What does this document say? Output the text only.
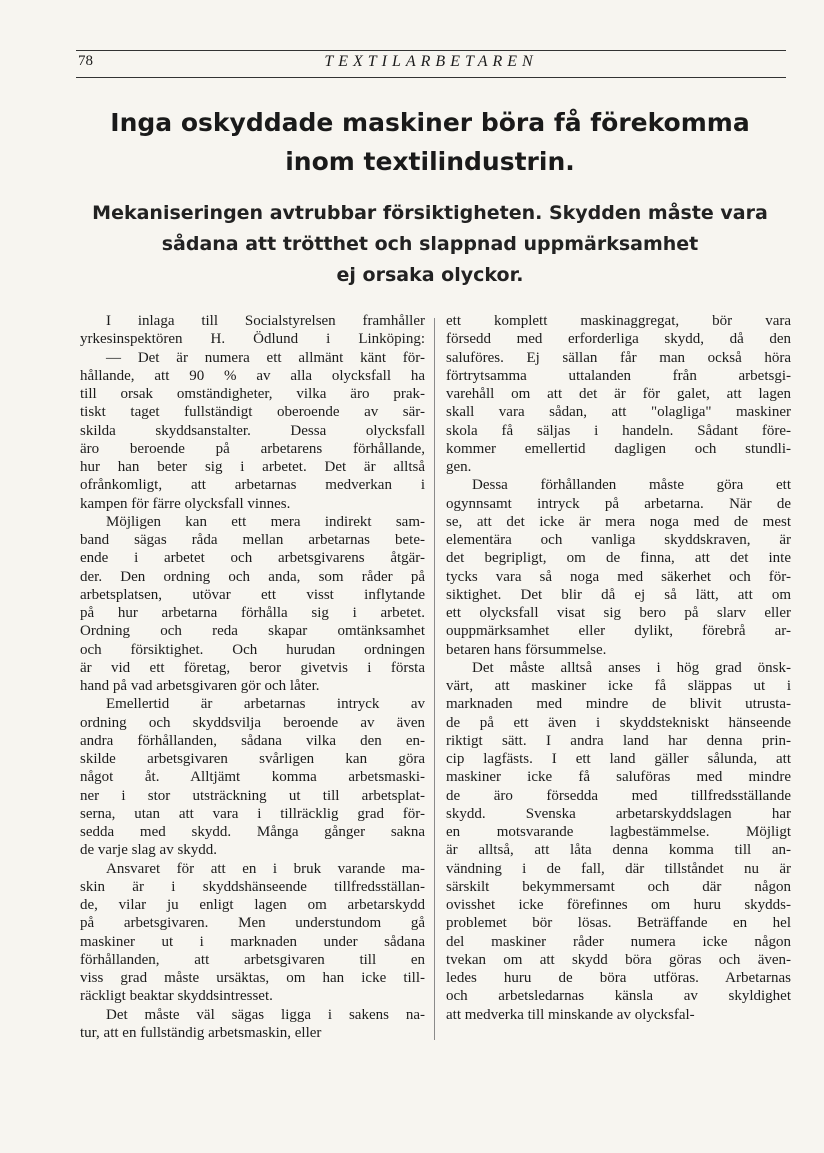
78	TEXTILARBETAREN
Inga oskyddade maskiner böra få förekomma
inom textilindustrin.
Mekaniseringen avtrubbar försiktigheten. Skydden måste vara
sådana att trötthet och slappnad uppmärksamhet
ej orsaka olyckor.
I inlaga till Socialstyrelsen framhåller
yrkesinspektören H. Ödlund i Linköping:
— Det är numera ett allmänt känt för-
hållande, att 90 % av alla olycksfall ha
till orsak omständigheter, vilka äro prak-
tiskt taget fullständigt oberoende av sär-
skilda skyddsanstalter. Dessa olycksfall
äro beroende på arbetarens förhållande,
hur han beter sig i arbetet. Det är alltså
ofrånkomligt, att arbetarnas medverkan i
kampen för färre olycksfall vinnes.
Möjligen kan ett mera indirekt sam-
band sägas råda mellan arbetarnas bete-
ende i arbetet och arbetsgivarens åtgär-
der. Den ordning och anda, som råder på
arbetsplatsen, utövar ett visst inflytande
på hur arbetarna förhålla sig i arbetet.
Ordning och reda skapar omtänksamhet
och försiktighet. Och hurudan ordningen
är vid ett företag, beror givetvis i första
hand på vad arbetsgivaren gör och låter.
Emellertid är arbetarnas intryck av
ordning och skyddsvilja beroende av även
andra förhållanden, sådana vilka den en-
skilde arbetsgivaren svårligen kan göra
något åt. Alltjämt komma arbetsmaski-
ner i stor utsträckning ut till arbetsplat-
serna, utan att vara i tillräcklig grad för-
sedda med skydd. Många gånger sakna
de varje slag av skydd.
Ansvaret för att en i bruk varande ma-
skin är i skyddshänseende tillfredsställan-
de, vilar ju enligt lagen om arbetarskydd
på arbetsgivaren. Men understundom gå
maskiner ut i marknaden under sådana
förhållanden, att arbetsgivaren till en
viss grad måste ursäktas, om han icke till-
räckligt beaktar skyddsintresset.
Det måste väl sägas ligga i sakens na-
tur, att en fullständig arbetsmaskin, eller
ett komplett maskinaggregat, bör vara
försedd med erforderliga skydd, då den
saluföres. Ej sällan får man också höra
förtrytsamma uttalanden från arbetsgi-
varehåll om att det är för galet, att lagen
skall vara sådan, att "olagliga" maskiner
skola få säljas i handeln. Sådant före-
kommer emellertid dagligen och stundli-
gen.
Dessa förhållanden måste göra ett
ogynnsamt intryck på arbetarna. När de
se, att det icke är mera noga med de mest
elementära och vanliga skyddskraven, är
det begripligt, om de finna, att det inte
tycks vara så noga med säkerhet och för-
siktighet. Det blir då ej så lätt, att om
ett olycksfall visat sig bero på slarv eller
ouppmärksamhet eller dylikt, förebrå ar-
betaren hans försummelse.
Det måste alltså anses i hög grad önsk-
värt, att maskiner icke få släppas ut i
marknaden med mindre de blivit utrusta-
de på ett även i skyddstekniskt hänseende
riktigt sätt. I andra land har denna prin-
cip lagfästs. I ett land gäller sålunda, att
maskiner icke få saluföras med mindre
de äro försedda med tillfredsställande
skydd. Svenska arbetarskyddslagen har
en motsvarande lagbestämmelse. Möjligt
är alltså, att låta denna komma till an-
vändning i de fall, där tillståndet nu är
särskilt bekymmersamt och där någon
ovisshet icke förefinnes om huru skydds-
problemet bör lösas. Beträffande en hel
del maskiner råder numera icke någon
tvekan om att skydd böra göras och även-
ledes huru de böra utföras. Arbetarnas
och arbetsledarnas känsla av skyldighet
att medverka till minskande av olycksfal-
